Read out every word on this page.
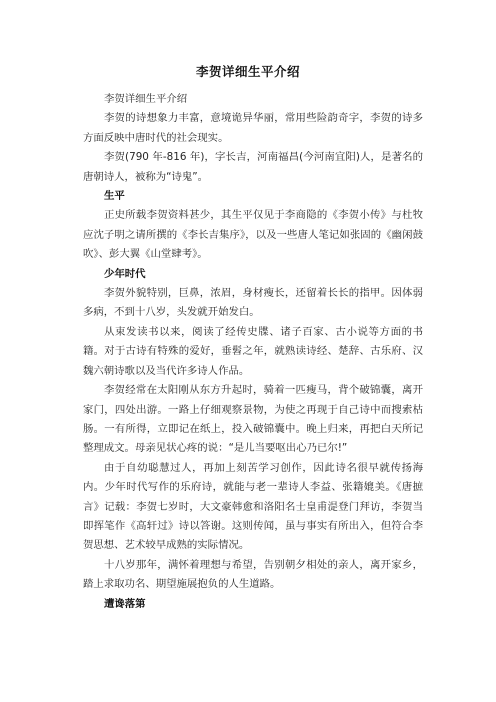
李贺详细生平介绍

李贺详细生平介绍

李贺的诗想象力丰富，意境诡异华丽，常用些险韵奇字，李贺的诗多方面反映中唐时代的社会现实。

李贺(790 年-816 年)，字长吉，河南福昌(今河南宜阳)人，是著名的唐朝诗人，被称为“诗鬼”。

生平

正史所载李贺资料甚少，其生平仅见于李商隐的《李贺小传》与杜牧应沈子明之请所撰的《李长吉集序》，以及一些唐人笔记如张固的《幽闲鼓吹》、彭大翼《山堂肆考》。

少年时代

李贺外貌特别，巨鼻，浓眉，身材瘦长，还留着长长的指甲。因体弱多病，不到十八岁，头发就开始发白。

从束发读书以来，阅读了经传史牒、诸子百家、古小说等方面的书籍。对于古诗有特殊的爱好，垂髫之年，就熟读诗经、楚辞、古乐府、汉魏六朝诗歌以及当代许多诗人作品。

李贺经常在太阳刚从东方升起时，骑着一匹瘦马，背个破锦囊，离开家门，四处出游。一路上仔细观察景物，为使之再现于自己诗中而搜索枯肠。一有所得，立即记在纸上，投入破锦囊中。晚上归来，再把白天所记整理成文。母亲见状心疼的说：“是儿当要呕出心乃已尔!”

由于自幼聪慧过人，再加上刻苦学习创作，因此诗名很早就传扬海内。少年时代写作的乐府诗，就能与老一辈诗人李益、张籍媲美。《唐摭言》记载：李贺七岁时，大文豪韩愈和洛阳名士皇甫湜登门拜访，李贺当即挥笔作《高轩过》诗以答谢。这则传闻，虽与事实有所出入，但符合李贺思想、艺术较早成熟的实际情况。

十八岁那年，满怀着理想与希望，告别朝夕相处的亲人，离开家乡，踏上求取功名、期望施展抱负的人生道路。

遭谗落第
